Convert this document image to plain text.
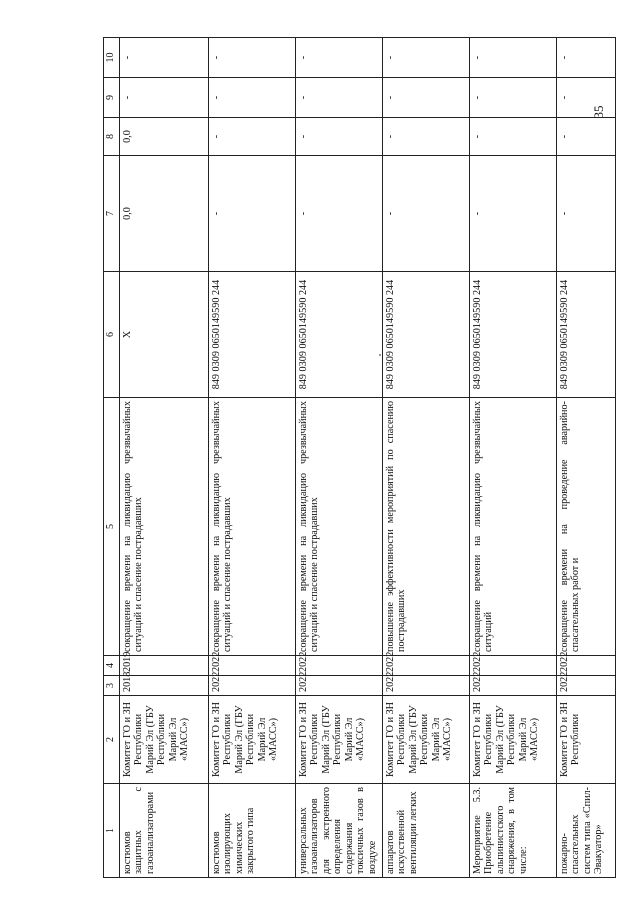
35
1	2	3	4	5	6	7	8	9	10
костюмов защитных с газоанализаторами	Комитет ГО и ЗН Республики Марий Эл (ГБУ Республики Марий Эл «МАСС»)	2018	2019	сокращение времени на ликвидацию чрезвычайных ситуаций и спасение пострадавших	X	0,0	0,0	-	-
костюмов изолирующих химических закрытого типа	Комитет ГО и ЗН Республики Марий Эл (ГБУ Республики Марий Эл «МАСС»)	2022	2022	сокращение времени на ликвидацию чрезвычайных ситуаций и спасение пострадавших	849 0309 0650149590 244	-	-	-	-
универсальных газоанализаторов для экстренного определения содержания токсичных газов в воздухе	Комитет ГО и ЗН Республики Марий Эл (ГБУ Республики Марий Эл «МАСС»)	2022	2022	сокращение времени на ликвидацию чрезвычайных ситуаций и спасение пострадавших	849 0309 0650149590 244	-	-	-	-
аппаратов искусственной вентиляции легких	Комитет ГО и ЗН Республики Марий Эл (ГБУ Республики Марий Эл «МАСС»)	2022	2022	повышение эффективности мероприятий по спасению пострадавших	849 0309 0650149590 244	-	-	-	-
Мероприятие 5.3. Приобретение альпинистского снаряжения, в том числе:	Комитет ГО и ЗН Республики Марий Эл (ГБУ Республики Марий Эл «МАСС»)	2022	2022	сокращение времени на ликвидацию чрезвычайных ситуаций	849 0309 0650149590 244	-	-	-	-
пожарно-спасательных систем типа «Спил-Эвакуатор»	Комитет ГО и ЗН Республики	2022	2022	сокращение времени на проведение аварийно-спасательных работ и	849 0309 0650149590 244	-	-	-	-
